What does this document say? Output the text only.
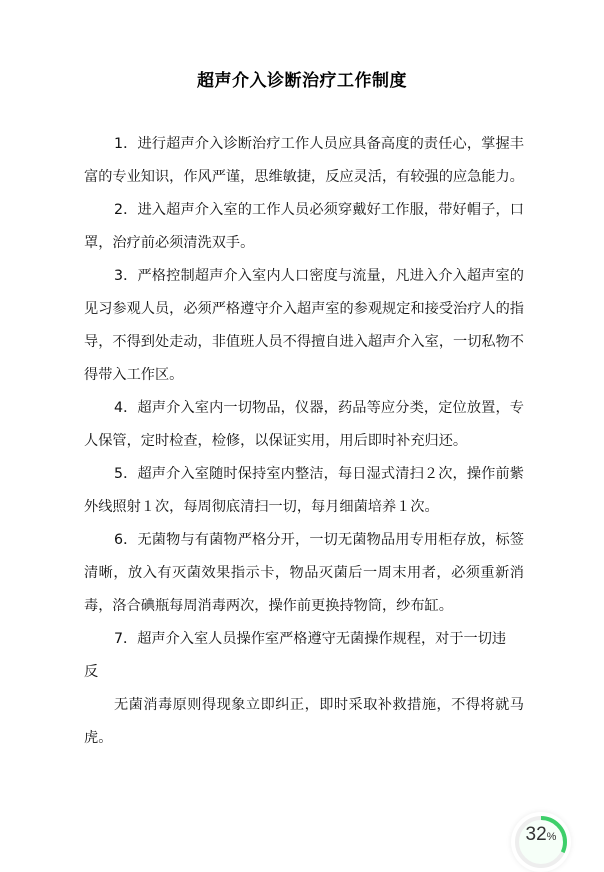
超声介入诊断治疗工作制度

1．进行超声介入诊断治疗工作人员应具备高度的责任心，掌握丰富的专业知识，作风严谨，思维敏捷，反应灵活，有较强的应急能力。

2．进入超声介入室的工作人员必须穿戴好工作服，带好帽子，口罩，治疗前必须清洗双手。

3．严格控制超声介入室内人口密度与流量，凡进入介入超声室的见习参观人员，必须严格遵守介入超声室的参观规定和接受治疗人的指导，不得到处走动，非值班人员不得擅自进入超声介入室，一切私物不得带入工作区。

4．超声介入室内一切物品，仪器，药品等应分类，定位放置，专人保管，定时检查，检修，以保证实用，用后即时补充归还。

5．超声介入室随时保持室内整洁，每日湿式清扫２次，操作前紫外线照射１次，每周彻底清扫一切，每月细菌培养１次。

6．无菌物与有菌物严格分开，一切无菌物品用专用柜存放，标签清晰，放入有灭菌效果指示卡，物品灭菌后一周末用者，必须重新消毒，洛合碘瓶每周消毒两次，操作前更换持物筒，纱布缸。

7．超声介入室人员操作室严格遵守无菌操作规程，对于一切违

反

无菌消毒原则得现象立即纠正，即时采取补救措施，不得将就马虎。

32%
